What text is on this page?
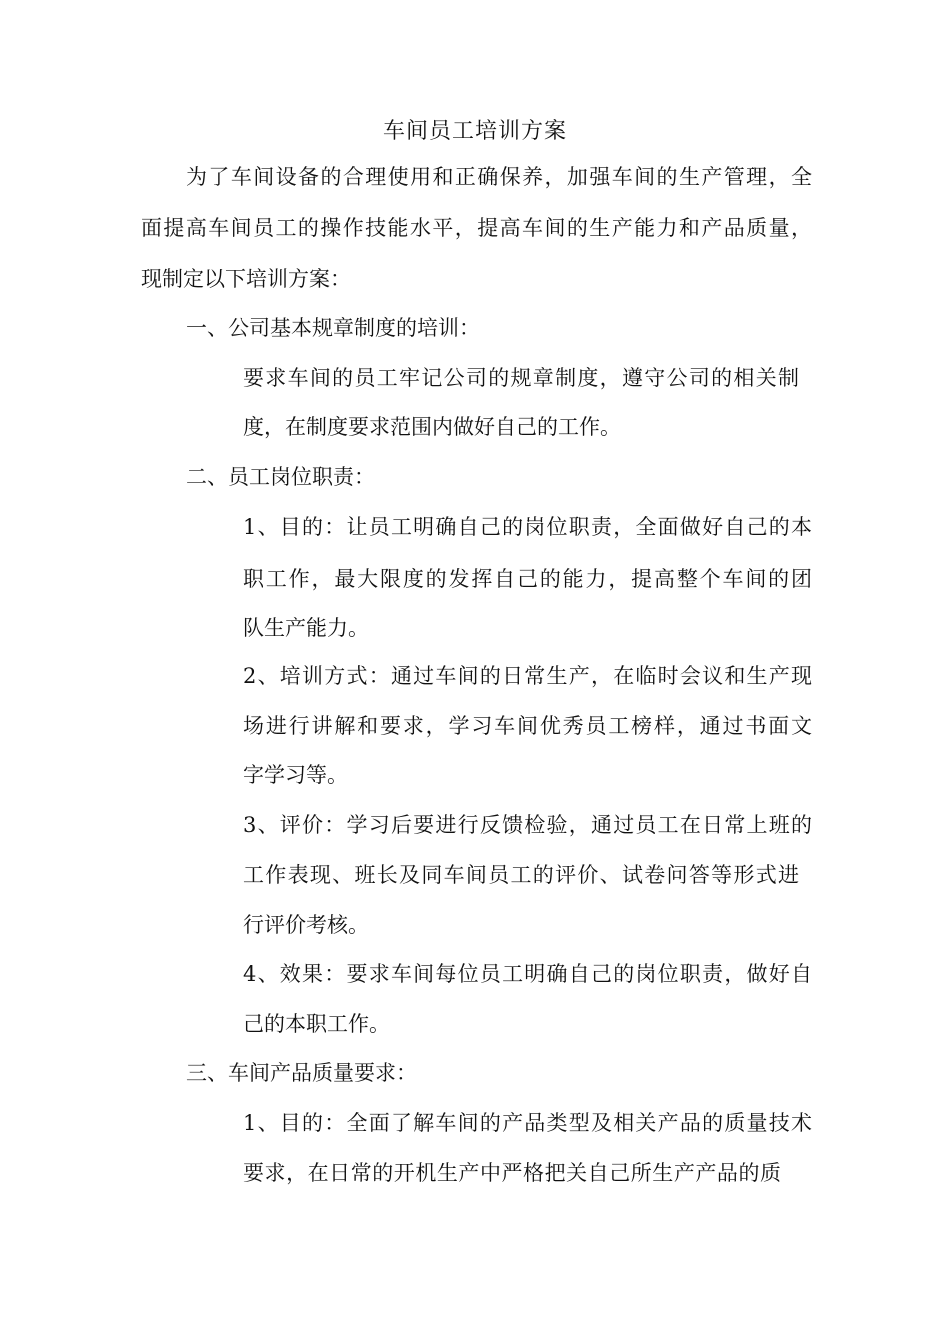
车间员工培训方案
为了车间设备的合理使用和正确保养，加强车间的生产管理，全
面提高车间员工的操作技能水平，提高车间的生产能力和产品质量，
现制定以下培训方案：
一、公司基本规章制度的培训：
要求车间的员工牢记公司的规章制度，遵守公司的相关制
度，在制度要求范围内做好自己的工作。
二、员工岗位职责：
1、目的：让员工明确自己的岗位职责，全面做好自己的本
职工作，最大限度的发挥自己的能力，提高整个车间的团
队生产能力。
2、培训方式：通过车间的日常生产，在临时会议和生产现
场进行讲解和要求，学习车间优秀员工榜样，通过书面文
字学习等。
3、评价：学习后要进行反馈检验，通过员工在日常上班的
工作表现、班长及同车间员工的评价、试卷问答等形式进
行评价考核。
4、效果：要求车间每位员工明确自己的岗位职责，做好自
己的本职工作。
三、车间产品质量要求：
1、目的：全面了解车间的产品类型及相关产品的质量技术
要求，在日常的开机生产中严格把关自己所生产产品的质
